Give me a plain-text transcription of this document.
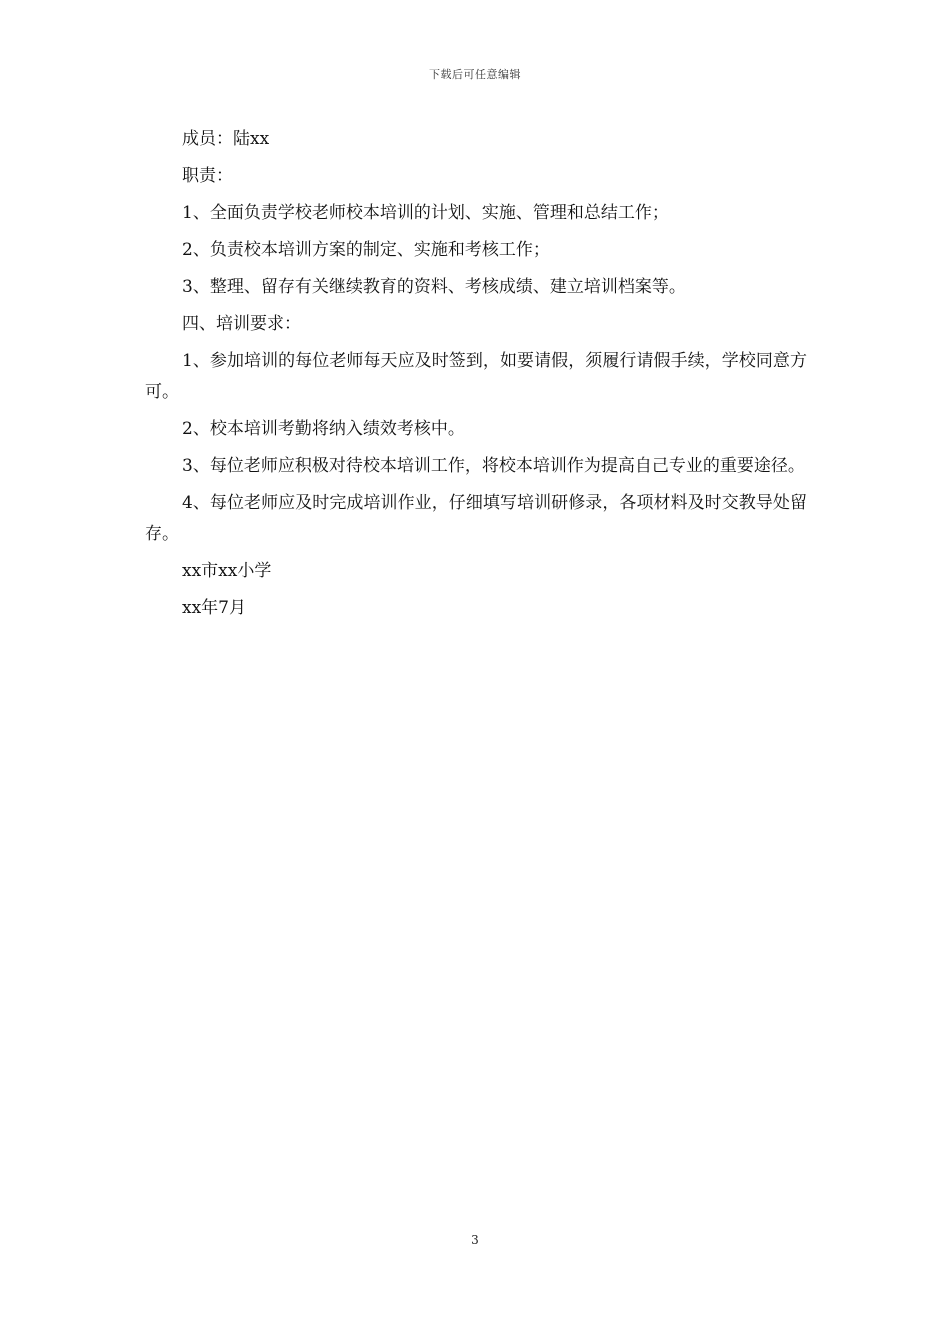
下载后可任意编辑

成员：陆xx

职责：

1、全面负责学校老师校本培训的计划、实施、管理和总结工作；

2、负责校本培训方案的制定、实施和考核工作；

3、整理、留存有关继续教育的资料、考核成绩、建立培训档案等。

四、培训要求：

1、参加培训的每位老师每天应及时签到，如要请假，须履行请假手续，学校同意方可。

2、校本培训考勤将纳入绩效考核中。

3、每位老师应积极对待校本培训工作，将校本培训作为提高自己专业的重要途径。

4、每位老师应及时完成培训作业，仔细填写培训研修录，各项材料及时交教导处留存。

xx市xx小学

xx年7月

3
